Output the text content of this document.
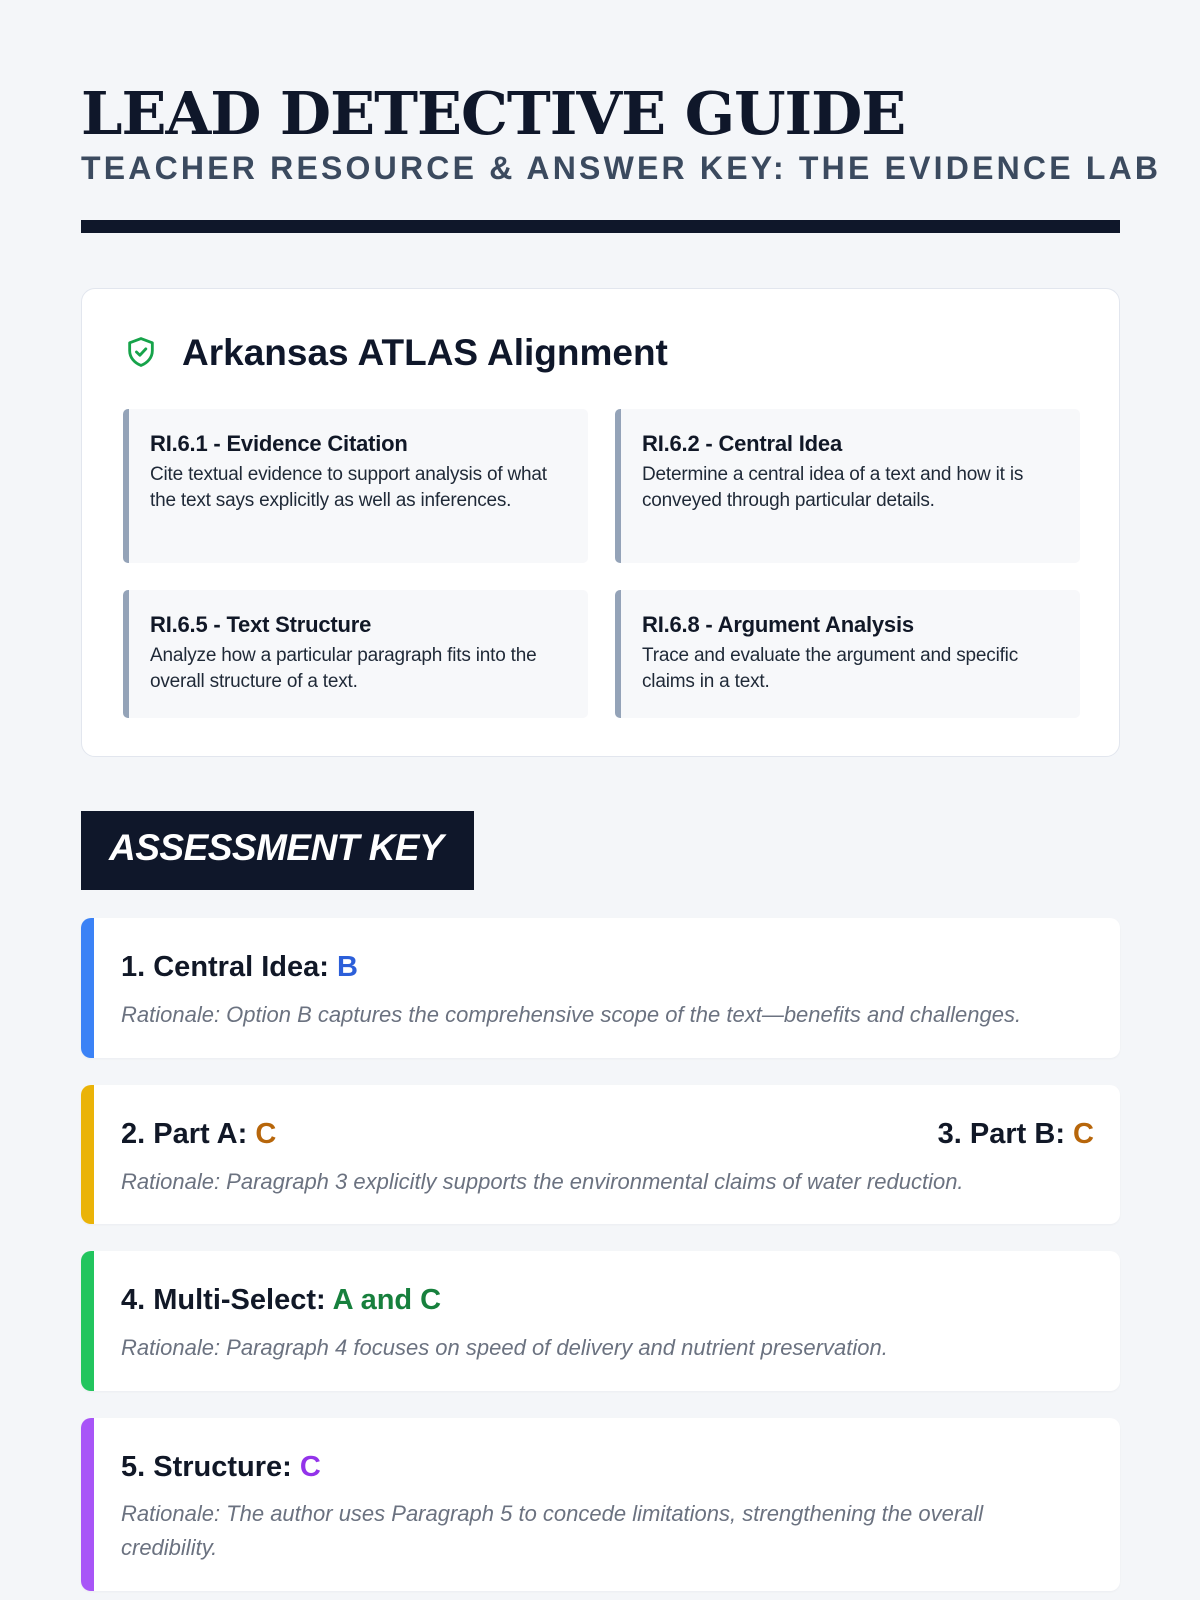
LEAD DETECTIVE GUIDE
TEACHER RESOURCE & ANSWER KEY: THE EVIDENCE LAB
Arkansas ATLAS Alignment
RI.6.1 - Evidence Citation
Cite textual evidence to support analysis of what the text says explicitly as well as inferences.
RI.6.2 - Central Idea
Determine a central idea of a text and how it is conveyed through particular details.
RI.6.5 - Text Structure
Analyze how a particular paragraph fits into the overall structure of a text.
RI.6.8 - Argument Analysis
Trace and evaluate the argument and specific claims in a text.
ASSESSMENT KEY
1. Central Idea: B
Rationale: Option B captures the comprehensive scope of the text—benefits and challenges.
2. Part A: C	3. Part B: C
Rationale: Paragraph 3 explicitly supports the environmental claims of water reduction.
4. Multi-Select: A and C
Rationale: Paragraph 4 focuses on speed of delivery and nutrient preservation.
5. Structure: C
Rationale: The author uses Paragraph 5 to concede limitations, strengthening the overall credibility.
